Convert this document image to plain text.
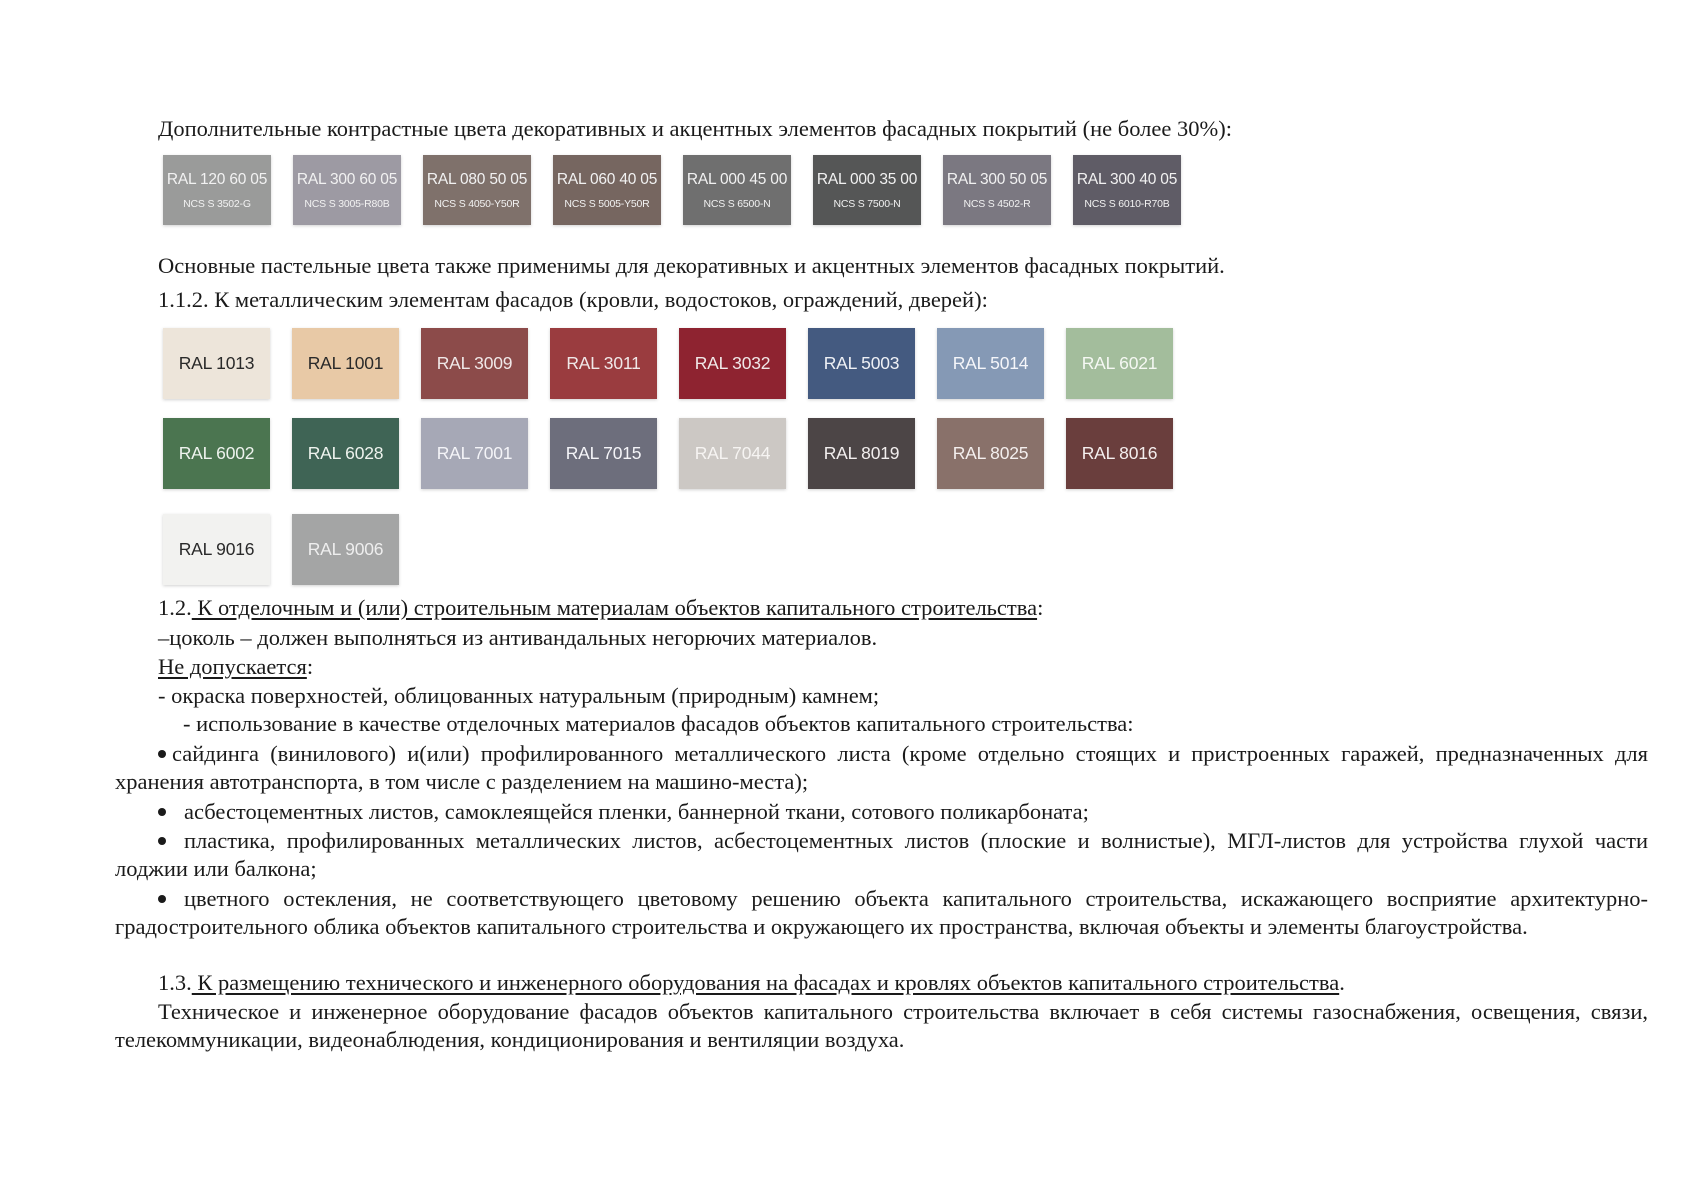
Дополнительные контрастные цвета декоративных и акцентных элементов фасадных покрытий (не более 30%):
RAL 120 60 05
NCS S 3502-G
RAL 300 60 05
NCS S 3005-R80B
RAL 080 50 05
NCS S 4050-Y50R
RAL 060 40 05
NCS S 5005-Y50R
RAL 000 45 00
NCS S 6500-N
RAL 000 35 00
NCS S 7500-N
RAL 300 50 05
NCS S 4502-R
RAL 300 40 05
NCS S 6010-R70B
Основные пастельные цвета также применимы для декоративных и акцентных элементов фасадных покрытий.
1.1.2. К металлическим элементам фасадов (кровли, водостоков, ограждений, дверей):
RAL 1013	RAL 1001	RAL 3009	RAL 3011	RAL 3032	RAL 5003	RAL 5014	RAL 6021
RAL 6002	RAL 6028	RAL 7001	RAL 7015	RAL 7044	RAL 8019	RAL 8025	RAL 8016
RAL 9016	RAL 9006
1.2. К отделочным и (или) строительным материалам объектов капитального строительства:
–цоколь – должен выполняться из антивандальных негорючих материалов.
Не допускается:
- окраска поверхностей, облицованных натуральным (природным) камнем;
- использование в качестве отделочных материалов фасадов объектов капитального строительства:
сайдинга (винилового) и(или) профилированного металлического листа (кроме отдельно стоящих и пристроенных гаражей, предназначенных для хранения автотранспорта, в том числе с разделением на машино-места);
асбестоцементных листов, самоклеящейся пленки, баннерной ткани, сотового поликарбоната;
пластика, профилированных металлических листов, асбестоцементных листов (плоские и волнистые), МГЛ-листов для устройства глухой части лоджии или балкона;
цветного остекления, не соответствующего цветовому решению объекта капитального строительства, искажающего восприятие архитектурно-градостроительного облика объектов капитального строительства и окружающего их пространства, включая объекты и элементы благоустройства.
1.3. К размещению технического и инженерного оборудования на фасадах и кровлях объектов капитального строительства.
Техническое и инженерное оборудование фасадов объектов капитального строительства включает в себя системы газоснабжения, освещения, связи, телекоммуникации, видеонаблюдения, кондиционирования и вентиляции воздуха.
